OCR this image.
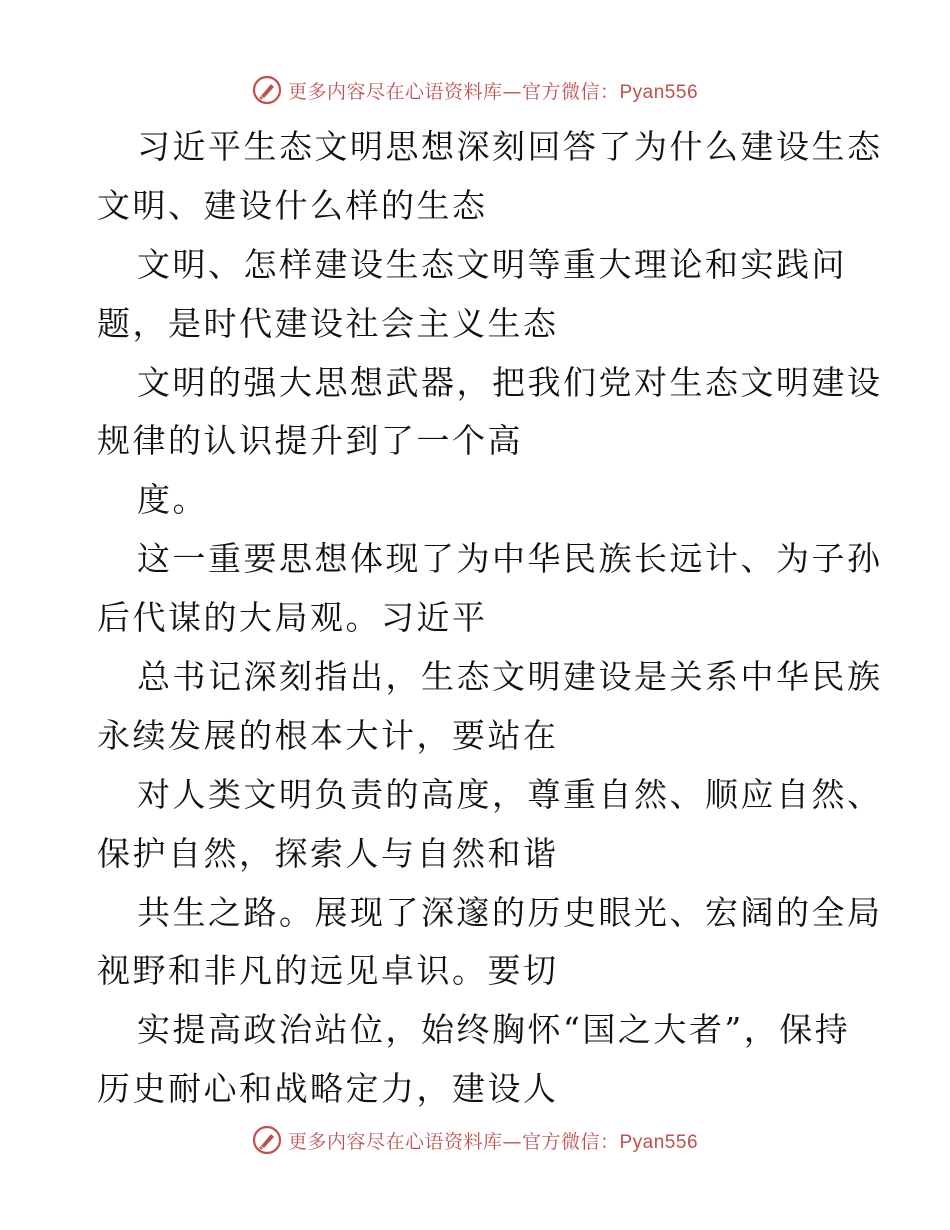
更多内容尽在心语资料库—官方微信：Pyan556
习近平生态文明思想深刻回答了为什么建设生态
文明、建设什么样的生态
文明、怎样建设生态文明等重大理论和实践问
题，是时代建设社会主义生态
文明的强大思想武器，把我们党对生态文明建设
规律的认识提升到了一个高
度。
这一重要思想体现了为中华民族长远计、为子孙
后代谋的大局观。习近平
总书记深刻指出，生态文明建设是关系中华民族
永续发展的根本大计，要站在
对人类文明负责的高度，尊重自然、顺应自然、
保护自然，探索人与自然和谐
共生之路。展现了深邃的历史眼光、宏阔的全局
视野和非凡的远见卓识。要切
实提高政治站位，始终胸怀“国之大者”，保持
历史耐心和战略定力，建设人
更多内容尽在心语资料库—官方微信：Pyan556
